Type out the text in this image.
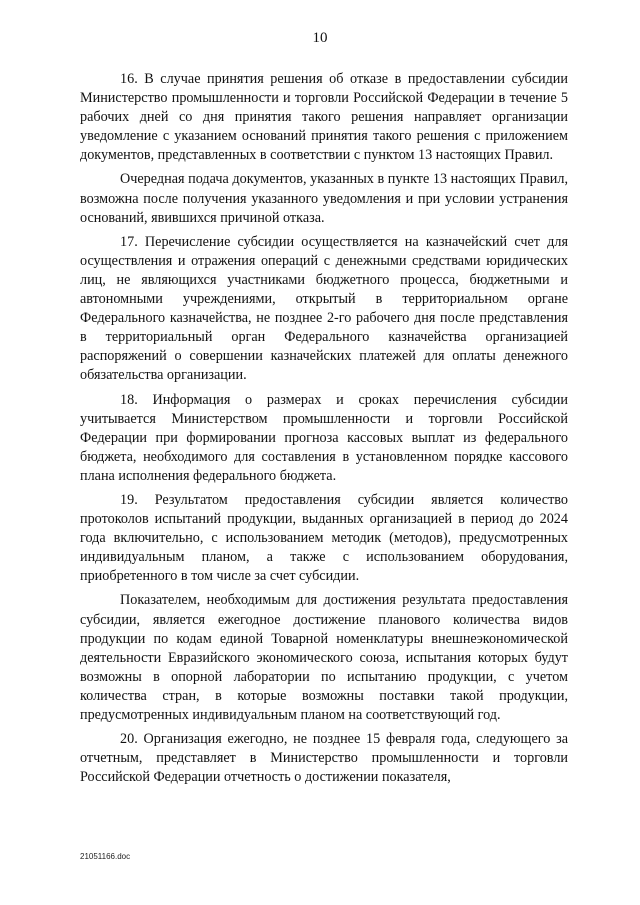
10

16. В случае принятия решения об отказе в предоставлении субсидии Министерство промышленности и торговли Российской Федерации в течение 5 рабочих дней со дня принятия такого решения направляет организации уведомление с указанием оснований принятия такого решения с приложением документов, представленных в соответствии с пунктом 13 настоящих Правил.

Очередная подача документов, указанных в пункте 13 настоящих Правил, возможна после получения указанного уведомления и при условии устранения оснований, явившихся причиной отказа.

17. Перечисление субсидии осуществляется на казначейский счет для осуществления и отражения операций с денежными средствами юридических лиц, не являющихся участниками бюджетного процесса, бюджетными и автономными учреждениями, открытый в территориальном органе Федерального казначейства, не позднее 2-го рабочего дня после представления в территориальный орган Федерального казначейства организацией распоряжений о совершении казначейских платежей для оплаты денежного обязательства организации.

18. Информация о размерах и сроках перечисления субсидии учитывается Министерством промышленности и торговли Российской Федерации при формировании прогноза кассовых выплат из федерального бюджета, необходимого для составления в установленном порядке кассового плана исполнения федерального бюджета.

19. Результатом предоставления субсидии является количество протоколов испытаний продукции, выданных организацией в период до 2024 года включительно, с использованием методик (методов), предусмотренных индивидуальным планом, а также с использованием оборудования, приобретенного в том числе за счет субсидии.

Показателем, необходимым для достижения результата предоставления субсидии, является ежегодное достижение планового количества видов продукции по кодам единой Товарной номенклатуры внешнеэкономической деятельности Евразийского экономического союза, испытания которых будут возможны в опорной лаборатории по испытанию продукции, с учетом количества стран, в которые возможны поставки такой продукции, предусмотренных индивидуальным планом на соответствующий год.

20. Организация ежегодно, не позднее 15 февраля года, следующего за отчетным, представляет в Министерство промышленности и торговли Российской Федерации отчетность о достижении показателя,

21051166.doc
